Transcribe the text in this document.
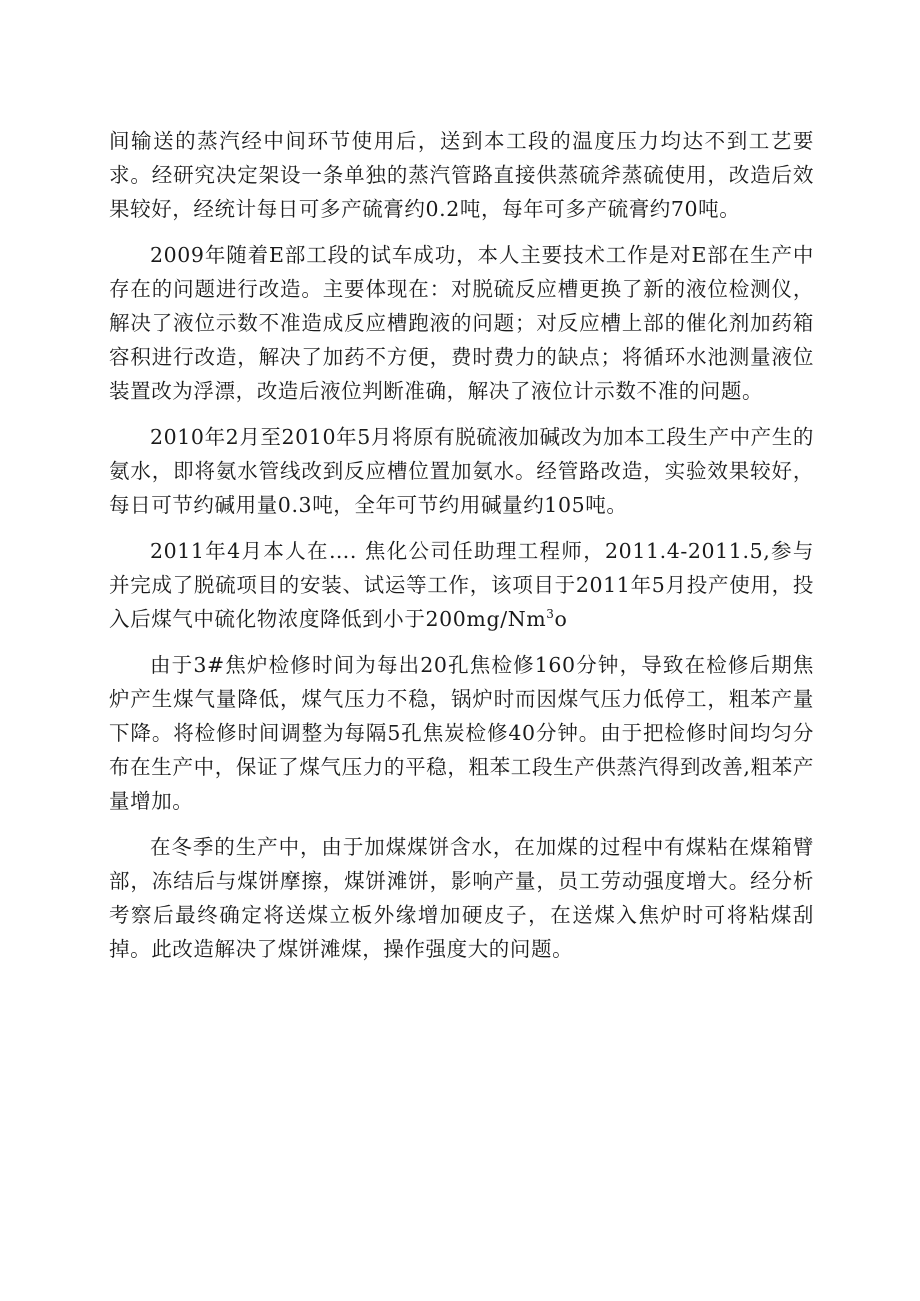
间输送的蒸汽经中间环节使用后，送到本工段的温度压力均达不到工艺要求。经研究决定架设一条单独的蒸汽管路直接供蒸硫斧蒸硫使用，改造后效果较好，经统计每日可多产硫膏约0.2吨，每年可多产硫膏约70吨。

2009年随着E部工段的试车成功，本人主要技术工作是对E部在生产中存在的问题进行改造。主要体现在：对脱硫反应槽更换了新的液位检测仪，解决了液位示数不准造成反应槽跑液的问题；对反应槽上部的催化剂加药箱容积进行改造，解决了加药不方便，费时费力的缺点；将循环水池测量液位装置改为浮漂，改造后液位判断准确，解决了液位计示数不准的问题。

2010年2月至2010年5月将原有脱硫液加碱改为加本工段生产中产生的氨水，即将氨水管线改到反应槽位置加氨水。经管路改造，实验效果较好，每日可节约碱用量0.3吨，全年可节约用碱量约105吨。

2011年4月本人在…. 焦化公司任助理工程师，2011.4-2011.5,参与并完成了脱硫项目的安装、试运等工作，该项目于2011年5月投产使用，投入后煤气中硫化物浓度降低到小于200mg/Nm$^3$o

由于3#焦炉检修时间为每出20孔焦检修160分钟，导致在检修后期焦炉产生煤气量降低，煤气压力不稳，锅炉时而因煤气压力低停工，粗苯产量下降。将检修时间调整为每隔5孔焦炭检修40分钟。由于把检修时间均匀分布在生产中，保证了煤气压力的平稳，粗苯工段生产供蒸汽得到改善,粗苯产量增加。

在冬季的生产中，由于加煤煤饼含水，在加煤的过程中有煤粘在煤箱臂部，冻结后与煤饼摩擦，煤饼滩饼，影响产量，员工劳动强度增大。经分析考察后最终确定将送煤立板外缘增加硬皮子，在送煤入焦炉时可将粘煤刮掉。此改造解决了煤饼滩煤，操作强度大的问题。
